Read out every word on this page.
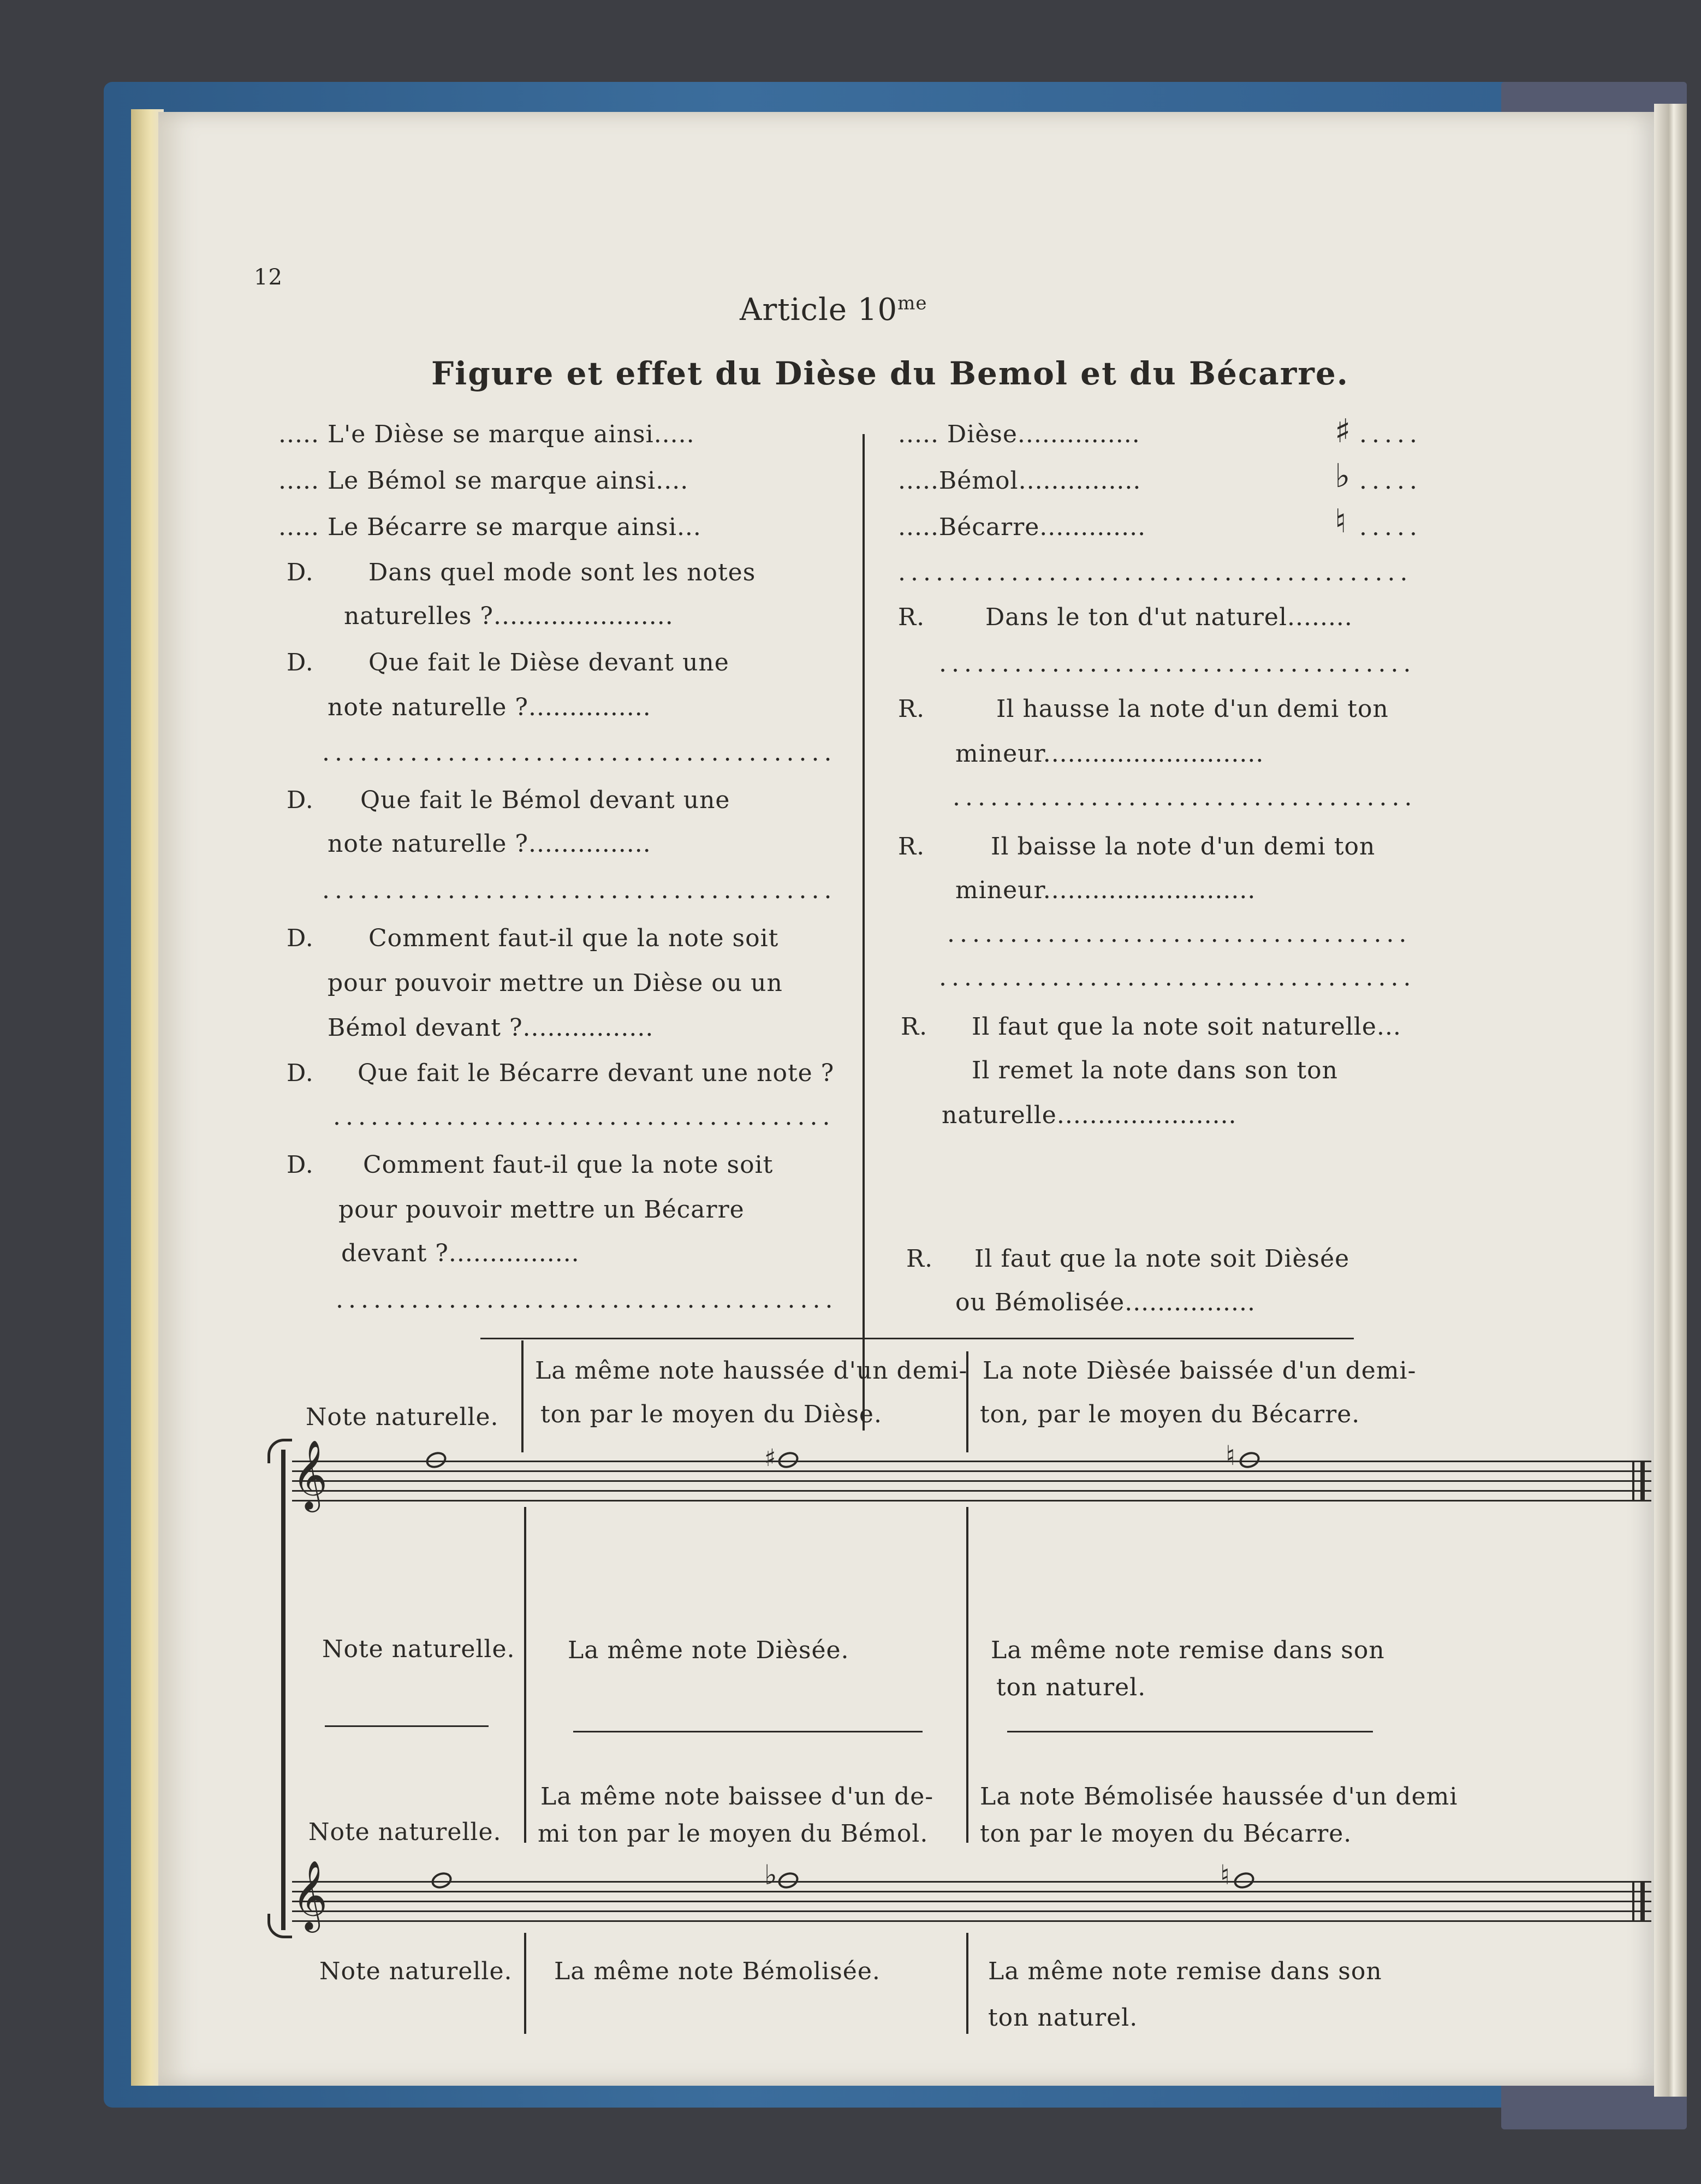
12
Article $10^{me}$
Figure et effet du Dièse du Bemol et du Bécarre.
..... L'e Dièse se marque ainsi.....
..... Le Bémol se marque ainsi....
..... Le Bécarre se marque ainsi...
D. Dans quel mode sont les notes
naturelles ?......................
D. Que fait le Dièse devant une
note naturelle ?...............
.........................................
D. Que fait le Bémol devant une
note naturelle ?...............
.........................................
D. Comment faut-il que la note soit
pour pouvoir mettre un Dièse ou un
Bémol devant ?................
D. Que fait le Bécarre devant une note ?
........................................
D. Comment faut-il que la note soit
pour pouvoir mettre un Bécarre
devant ?................
........................................
..... Dièse...............	♯ .....
.....Bémol...............	♭ .....
.....Bécarre.............	♮ .....
.........................................
R.	Dans le ton d'ut naturel........
......................................
R.	Il hausse la note d'un demi ton
mineur...........................
.....................................
R.	Il baisse la note d'un demi ton
mineur..........................
.....................................
......................................
R. Il faut que la note soit naturelle...
Il remet la note dans son ton
naturelle......................
R. Il faut que la note soit Dièsée
ou Bémolisée................
Note naturelle.
La même note haussée d'un demi-
ton par le moyen du Dièse.
La note Dièsée baissée d'un demi-
ton, par le moyen du Bécarre.
𝄞	♯	♮
Note naturelle. La même note Dièsée.	La même note remise dans son
ton naturel.
Note naturelle.
La même note baissee d'un de-
mi ton par le moyen du Bémol.
La note Bémolisée haussée d'un demi
ton par le moyen du Bécarre.
𝄞	♭	♮
Note naturelle. La même note Bémolisée.	La même note remise dans son
ton naturel.
